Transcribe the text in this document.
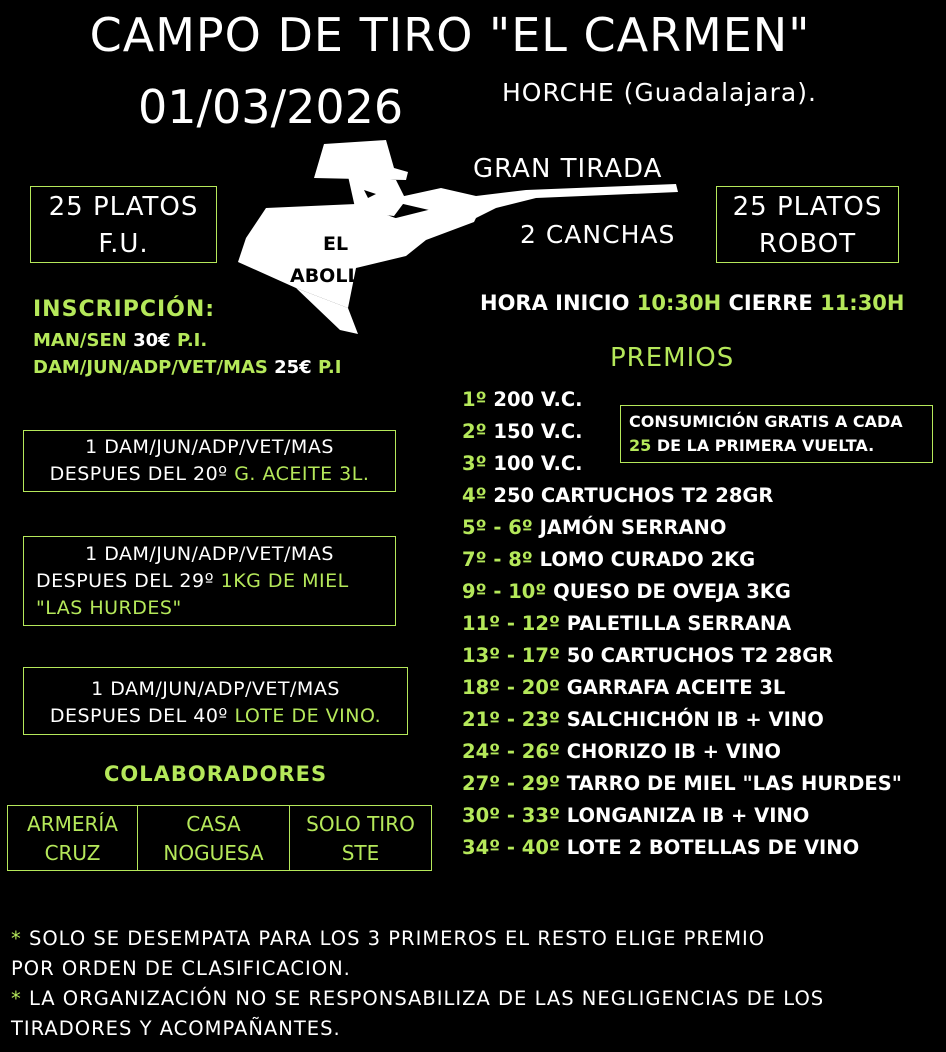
CAMPO DE TIRO "EL CARMEN"
01/03/2026	HORCHE (Guadalajara).
EL
ABOLLAO
25 PLATOS
F.U.
25 PLATOS
ROBOT
GRAN TIRADA
2 CANCHAS
HORA INICIO 10:30H CIERRE 11:30H
INSCRIPCIÓN:
MAN/SEN 30€ P.I.
DAM/JUN/ADP/VET/MAS 25€ P.I
1 DAM/JUN/ADP/VET/MAS
DESPUES DEL 20º G. ACEITE 3L.
1 DAM/JUN/ADP/VET/MAS
DESPUES DEL 29º 1KG DE MIEL
"LAS HURDES"
1 DAM/JUN/ADP/VET/MAS
DESPUES DEL 40º LOTE DE VINO.
COLABORADORES
ARMERÍA
CRUZ
CASA
NOGUESA
SOLO TIRO
STE
PREMIOS
1º 200 V.C.
2º 150 V.C.
3º 100 V.C.
4º 250 CARTUCHOS T2 28GR
5º - 6º JAMÓN SERRANO
7º - 8º LOMO CURADO 2KG
9º - 10º QUESO DE OVEJA 3KG
11º - 12º PALETILLA SERRANA
13º - 17º 50 CARTUCHOS T2 28GR
18º - 20º GARRAFA ACEITE 3L
21º - 23º SALCHICHÓN IB + VINO
24º - 26º CHORIZO IB + VINO
27º - 29º TARRO DE MIEL "LAS HURDES"
30º - 33º LONGANIZA IB + VINO
34º - 40º LOTE 2 BOTELLAS DE VINO
CONSUMICIÓN GRATIS A CADA
25 DE LA PRIMERA VUELTA.
* SOLO SE DESEMPATA PARA LOS 3 PRIMEROS EL RESTO ELIGE PREMIO
POR ORDEN DE CLASIFICACION.
* LA ORGANIZACIÓN NO SE RESPONSABILIZA DE LAS NEGLIGENCIAS DE LOS
TIRADORES Y ACOMPAÑANTES.
